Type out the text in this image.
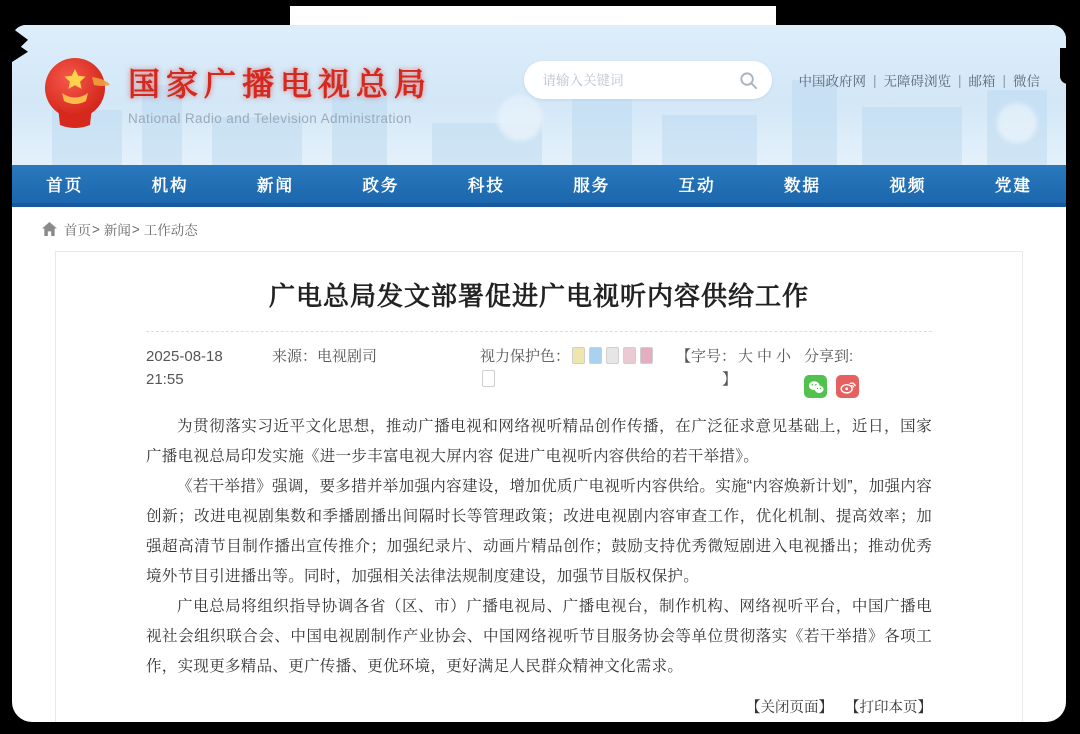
国家广播电视总局
National Radio and Television Administration
请输入关键词
中国政府网 | 无障碍浏览 | 邮箱 | 微信
首页	机构	新闻	政务	科技	服务	互动	数据	视频	党建
首页 > 新闻 > 工作动态
广电总局发文部署促进广电视听内容供给工作
2025-08-18 21:55
来源：电视剧司	视力保护色：	【字号： 大 中 小
】
分享到:

为贯彻落实习近平文化思想，推动广播电视和网络视听精品创作传播，在广泛征求意见基础上，近日，国家广播电视总局印发实施《进一步丰富电视大屏内容 促进广电视听内容供给的若干举措》。

《若干举措》强调，要多措并举加强内容建设，增加优质广电视听内容供给。实施“内容焕新计划”，加强内容创新；改进电视剧集数和季播剧播出间隔时长等管理政策；改进电视剧内容审查工作，优化机制、提高效率；加强超高清节目制作播出宣传推介；加强纪录片、动画片精品创作；鼓励支持优秀微短剧进入电视播出；推动优秀境外节目引进播出等。同时，加强相关法律法规制度建设，加强节目版权保护。

广电总局将组织指导协调各省（区、市）广播电视局、广播电视台，制作机构、网络视听平台，中国广播电视社会组织联合会、中国电视剧制作产业协会、中国网络视听节目服务协会等单位贯彻落实《若干举措》各项工作，实现更多精品、更广传播、更优环境，更好满足人民群众精神文化需求。

【关闭页面】 【打印本页】
